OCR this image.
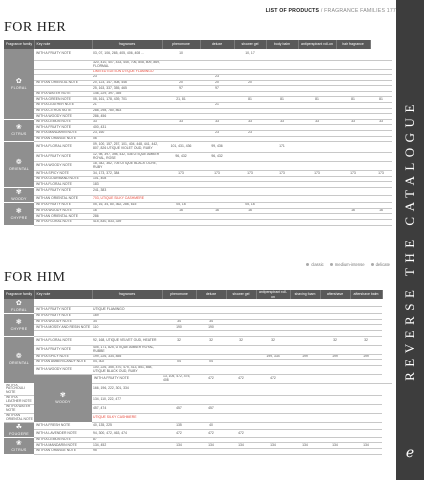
REVERSE THE CATALOGUE
ℯ
LIST OF PRODUCTS / FRAGRANCE FAMILIES 177
FOR HER
Fragrance family	Key note	fragrances	pheromone	deluxe	shower gel	body balm	antiperspirant roll-on	hair fragrance	

✿
FLORAL	WITH A FRUITY NOTE	03, 07, 106, 265, 405, 406, 408 ...	10		10, 17				
		320, 410, 407, 433, 445, 706, 808, 809, 869, FLORMAL							
		LIMITED EDITION UTIQUE FLAMINGO							
		23		23					
	WITH AN ORIENTAL NOTE	20, 123, 147, 408, 446	20	20	20				
		25, 163, 337, 355, 465	97	97					
	WITH A WATER NOTE	146, 229, 397, 355							
	WITH A GREEN NOTE	05, 161, 178, 439, 701	21, 81		81	81	81	81	81
	WITH A LEATHER NOTE	21		21					
	WITH A CITRUS NOTE	288, 298, 780, 863							
	WITH A WOODY NOTE	286, 456							

❀
CITRUS	WITH A LEMON NOTE	33	33	33	33	33	33	33	33
	WITH A FRUITY NOTE	400, 431							
	WITH A MANDARIN NOTE	23, 160		23	23				
	WITH AN ORANGE NOTE	06							

❁
ORIENTAL	WITH A FLORAL NOTE	09, 100, 157, 257, 101, 404, 448, 441, 442, 807, 826 UTIQUE VIOLET OUD, RUBY	101, 431, 436	99, 436		171			
	WITH A FRUITY NOTE	12, 98, 397, 398, 432, 436 UTIQUE AMBER ROYAL, ROSE	96, 432	96, 432					
	WITH A WOODY NOTE	18, 342, 362, 705 UTIQUE BLACK OCRE, RUBY							
	WITH A SPICY NOTE	34, 173, 372, 384	173	173	173	173	173	173	173
	WITH A GOURMAND NOTE	101, 408							
	WITH A FLORAL NOTE	183							

✾
WOODY	WITH A FRUITY NOTE	241, 383							
	WITH AN ORIENTAL NOTE	703, UTIQUE SILKY CASHMERE							

❃
CHYPRE	WITH A FRUITY NOTE	05, 16, 34, 80, 362, 286, 615	05, 16		05, 16				
	WITH A WOODY NOTE	16	16	16	16			16	16
	WITH AN ORIENTAL NOTE	286							
	WITH A FLORAL NOTE	415, 830, 833, 339							
classic	medium-intense	delicate
FOR HIM
Fragrance family	Key note	fragrances	pheromone	deluxe	shower gel	antiperspirant roll-on	shaving foam	aftershave	aftershave balm	

✿
FLORAL										
	WITH A FRUITY NOTE	UTIQUE FLAMINGO								

❃
CHYPRE	WITH A FRUITY NOTE	169								
	WITH A WOODY NOTE	34	34	34						
	WITH A MOSSY AND RESIN NOTE	110	190	190						

❁
ORIENTAL	WITH A FLORAL NOTE	92, 168, UTIQUE VELVET OUD, HEATER	32	32	32	32		32	32	
	WITH A FRUITY NOTE	405, 171, 825, UTIQUE AMBER ROYAL, RUBBE								
	WITH A SPICY NOTE	199, 226, 334, 855				199, 334	199	199	199	
	WITH AN AMBER/CANDY NOTE	04, 302	04	04						
	WITH A WOODY NOTE	100, 226, 355, 470, 475, 413, 851, 858, UTIQUE BLACK OUD, RUBY								

	✾
WOODY	WITH A FRUITY NOTE	13, 105, 472, 475, 408	472	472	472				
WITH A PATCHOULI NOTE		166, 196, 222, 301, 334								
WITH A LEATHER NOTE		134, 110, 222, 477								
WITH A WATER NOTE		457, 474	457	457						
WITH AN ORIENTAL NOTE		UTIQUE SILKY CASHMERE								

☘
FOUGERE	WITH A FRESH NOTE	40, 135, 225	135	40						
	WITH A LAVENDER NOTE	94, 300, 472, 463, 474	472	472	472					

❀
CITRUS	WITH A LEMON NOTE	87								
	WITH A MANDARIN NOTE	134, 452	134	134	134	134	134	134	134	
	WITH AN ORANGE NOTE	95								
